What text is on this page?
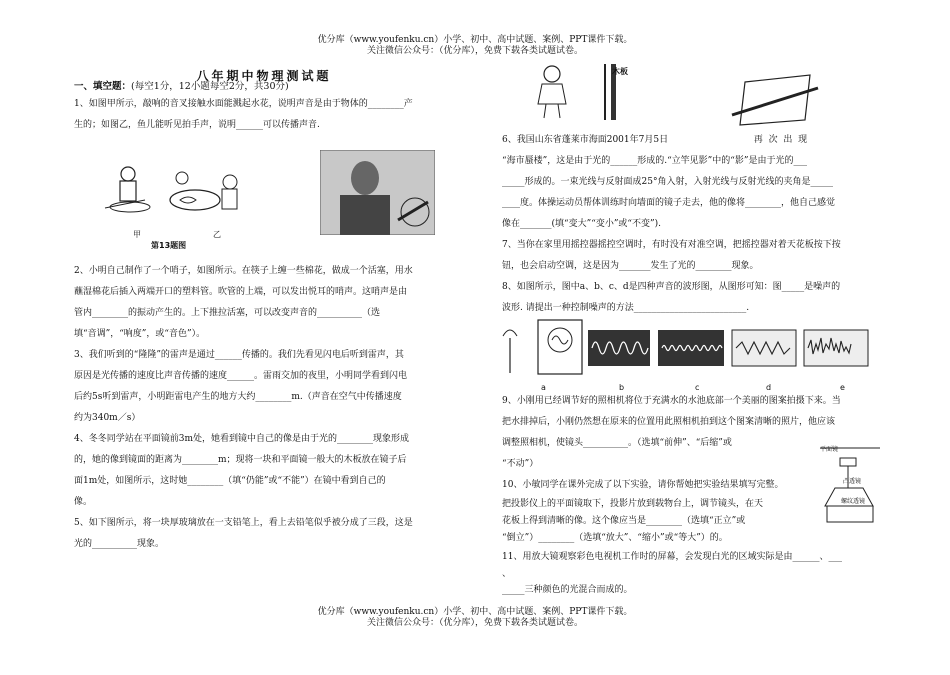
优分库（www.youfenku.cn）小学、初中、高中试题、案例、PPT课件下载。
关注微信公众号：（优分库），免费下载各类试题试卷。
八年期中物理测试题
一、填空题：(每空1分，12小题每空2分，共30分)

1、如图甲所示，敲响的音叉接触水面能溅起水花，说明声音是由于物体的________产

生的；如图乙，鱼儿能听见拍手声，说明______可以传播声音.

2、小明自己制作了一个哨子，如图所示。在筷子上缠一些棉花，做成一个活塞，用水

蘸湿棉花后插入两端开口的塑料管。吹管的上端，可以发出悦耳的哨声。这哨声是由

管内________的振动产生的。上下推拉活塞，可以改变声音的__________（选

填“音调”，“响度”，或“音色”）。

3、我们听到的“隆隆”的雷声是通过______传播的。我们先看见闪电后听到雷声，其

原因是光传播的速度比声音传播的速度______。雷雨交加的夜里，小明同学看到闪电

后约5s听到雷声，小明距雷电产生的地方大约________m.（声音在空气中传播速度

约为340m／s）

4、冬冬同学站在平面镜前3m处，她看到镜中自己的像是由于光的________现象形成

的，她的像到镜面的距离为________m；现将一块和平面镜一般大的木板放在镜子后

面1m处，如图所示，这时她________（填“仍能”或“不能”）在镜中看到自己的

像。

5、如下图所示，将一块厚玻璃放在一支铅笔上，看上去铅笔似乎被分成了三段，这是

光的__________现象。

甲	乙
第13题图
木板

6、我国山东省蓬莱市海面2001年7月5日                              再  次  出  现

“海市蜃楼”，这是由于光的______形成的.“立竿见影”中的“影”是由于光的___

_____形成的。一束光线与反射面成25°角入射，入射光线与反射光线的夹角是_____

____度。体操运动员帮体训练时向墙面的镜子走去，他的像将________，他自己感觉

像在_______(填“变大”“变小”或“不变”).

7、当你在家里用摇控器摇控空调时，有时没有对准空调，把摇控器对着天花板按下按

钮，也会启动空调，这是因为_______发生了光的________现象。

8、如图所示，图中a、b、c、d是四种声音的波形图，从图形可知：图_____是噪声的

波形. 请提出一种控制噪声的方法_________________________.

9、小刚用已经调节好的照相机将位于充满水的水池底部一个美丽的图案拍摄下来。当

把水排掉后，小刚仍然想在原来的位置用此照相机拍到这个图案清晰的照片，他应该

调整照相机，使镜头__________。（选填“前伸”、“后缩”或

“不动”）

10、小敏同学在课外完成了以下实验，请你帮她把实验结果填写完整。

把投影仪上的平面镜取下，投影片放到载物台上，调节镜头，在天

花板上得到清晰的像。这个像应当是________（选填“正立”或

“倒立”）________（选填“放大”、“缩小”或“等大”）的。

11、用放大镜观察彩色电视机工作时的屏幕，会发现白光的区域实际是由______、___

、

_____三种颜色的光混合而成的。

a	b	c	d	e
平面镜
凸透镜
螺纹透镜
优分库（www.youfenku.cn）小学、初中、高中试题、案例、PPT课件下载。
关注微信公众号：（优分库），免费下载各类试题试卷。
